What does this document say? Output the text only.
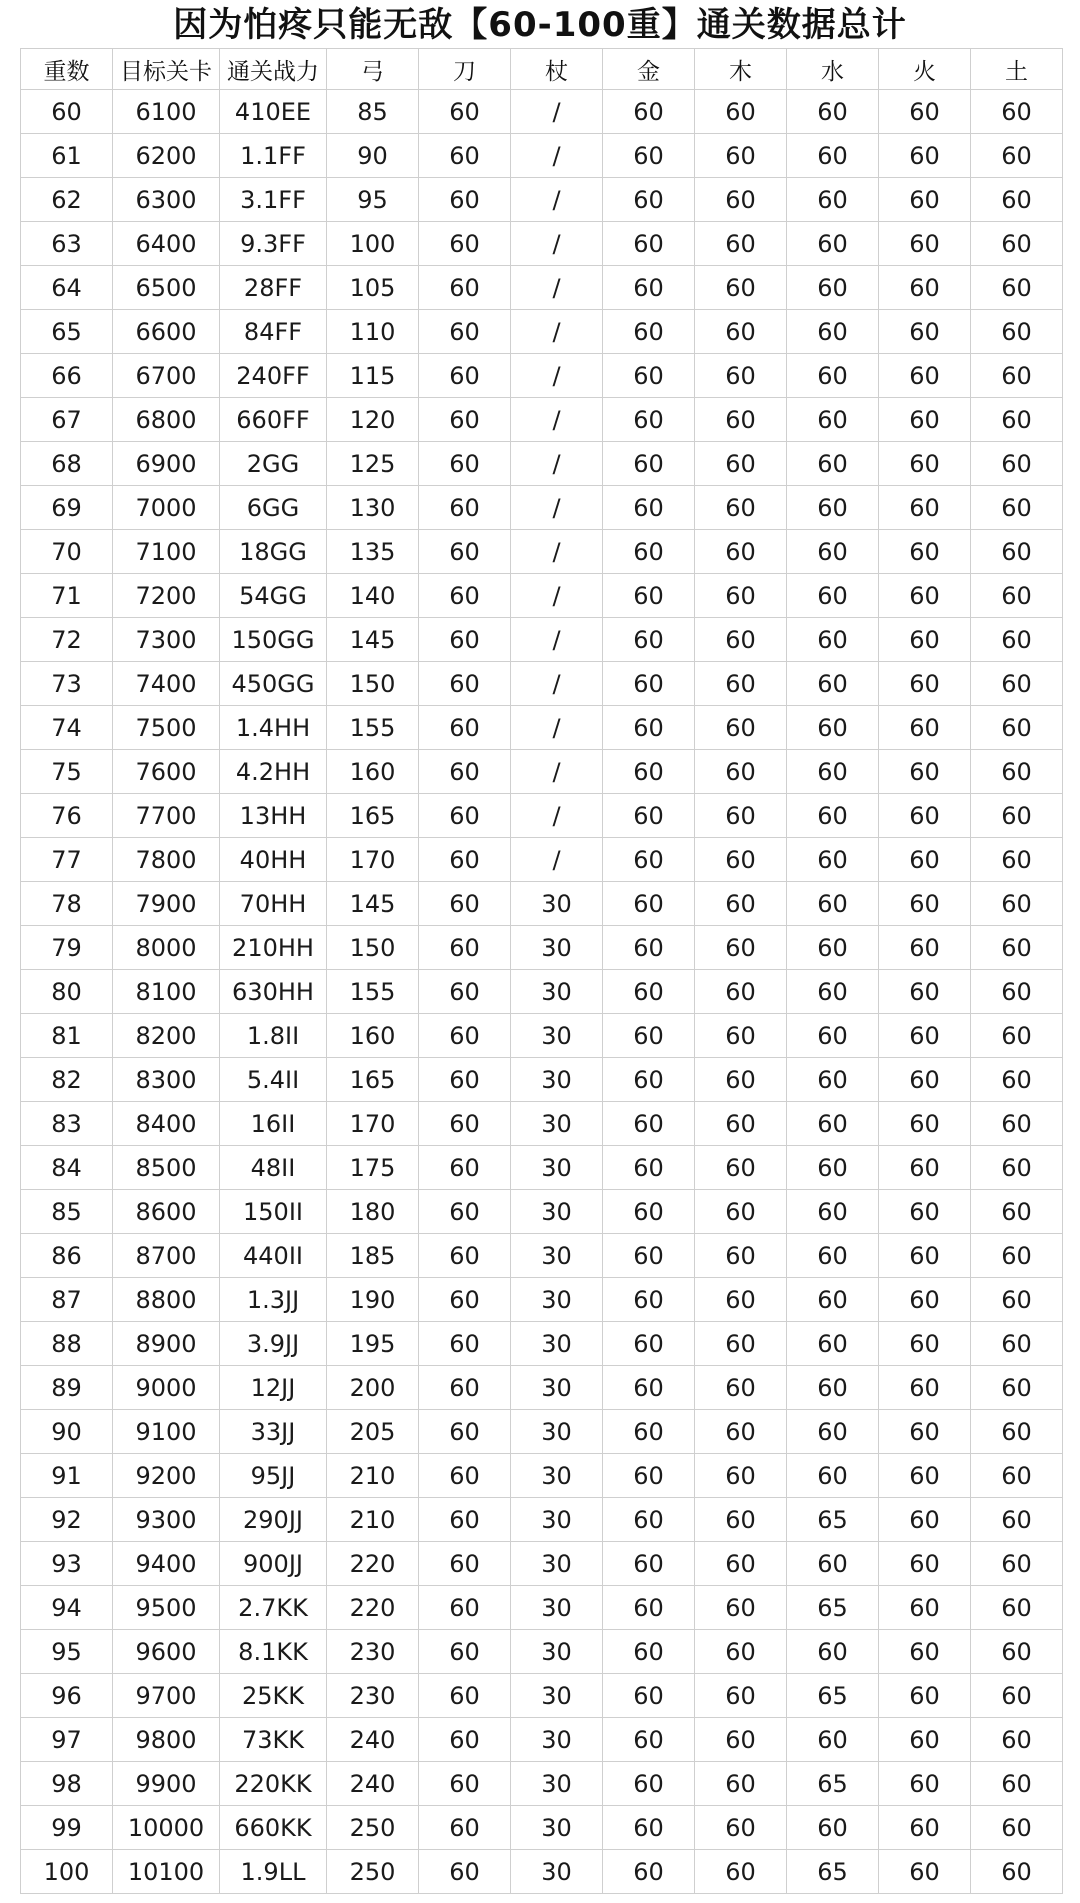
因为怕疼只能无敌【60-100重】通关数据总计
重数	目标关卡	通关战力	弓	刀	杖	金	木	水	火	土
60	6100	410EE	85	60	/	60	60	60	60	60
61	6200	1.1FF	90	60	/	60	60	60	60	60
62	6300	3.1FF	95	60	/	60	60	60	60	60
63	6400	9.3FF	100	60	/	60	60	60	60	60
64	6500	28FF	105	60	/	60	60	60	60	60
65	6600	84FF	110	60	/	60	60	60	60	60
66	6700	240FF	115	60	/	60	60	60	60	60
67	6800	660FF	120	60	/	60	60	60	60	60
68	6900	2GG	125	60	/	60	60	60	60	60
69	7000	6GG	130	60	/	60	60	60	60	60
70	7100	18GG	135	60	/	60	60	60	60	60
71	7200	54GG	140	60	/	60	60	60	60	60
72	7300	150GG	145	60	/	60	60	60	60	60
73	7400	450GG	150	60	/	60	60	60	60	60
74	7500	1.4HH	155	60	/	60	60	60	60	60
75	7600	4.2HH	160	60	/	60	60	60	60	60
76	7700	13HH	165	60	/	60	60	60	60	60
77	7800	40HH	170	60	/	60	60	60	60	60
78	7900	70HH	145	60	30	60	60	60	60	60
79	8000	210HH	150	60	30	60	60	60	60	60
80	8100	630HH	155	60	30	60	60	60	60	60
81	8200	1.8II	160	60	30	60	60	60	60	60
82	8300	5.4II	165	60	30	60	60	60	60	60
83	8400	16II	170	60	30	60	60	60	60	60
84	8500	48II	175	60	30	60	60	60	60	60
85	8600	150II	180	60	30	60	60	60	60	60
86	8700	440II	185	60	30	60	60	60	60	60
87	8800	1.3JJ	190	60	30	60	60	60	60	60
88	8900	3.9JJ	195	60	30	60	60	60	60	60
89	9000	12JJ	200	60	30	60	60	60	60	60
90	9100	33JJ	205	60	30	60	60	60	60	60
91	9200	95JJ	210	60	30	60	60	60	60	60
92	9300	290JJ	210	60	30	60	60	65	60	60
93	9400	900JJ	220	60	30	60	60	60	60	60
94	9500	2.7KK	220	60	30	60	60	65	60	60
95	9600	8.1KK	230	60	30	60	60	60	60	60
96	9700	25KK	230	60	30	60	60	65	60	60
97	9800	73KK	240	60	30	60	60	60	60	60
98	9900	220KK	240	60	30	60	60	65	60	60
99	10000	660KK	250	60	30	60	60	60	60	60
100	10100	1.9LL	250	60	30	60	60	65	60	60
